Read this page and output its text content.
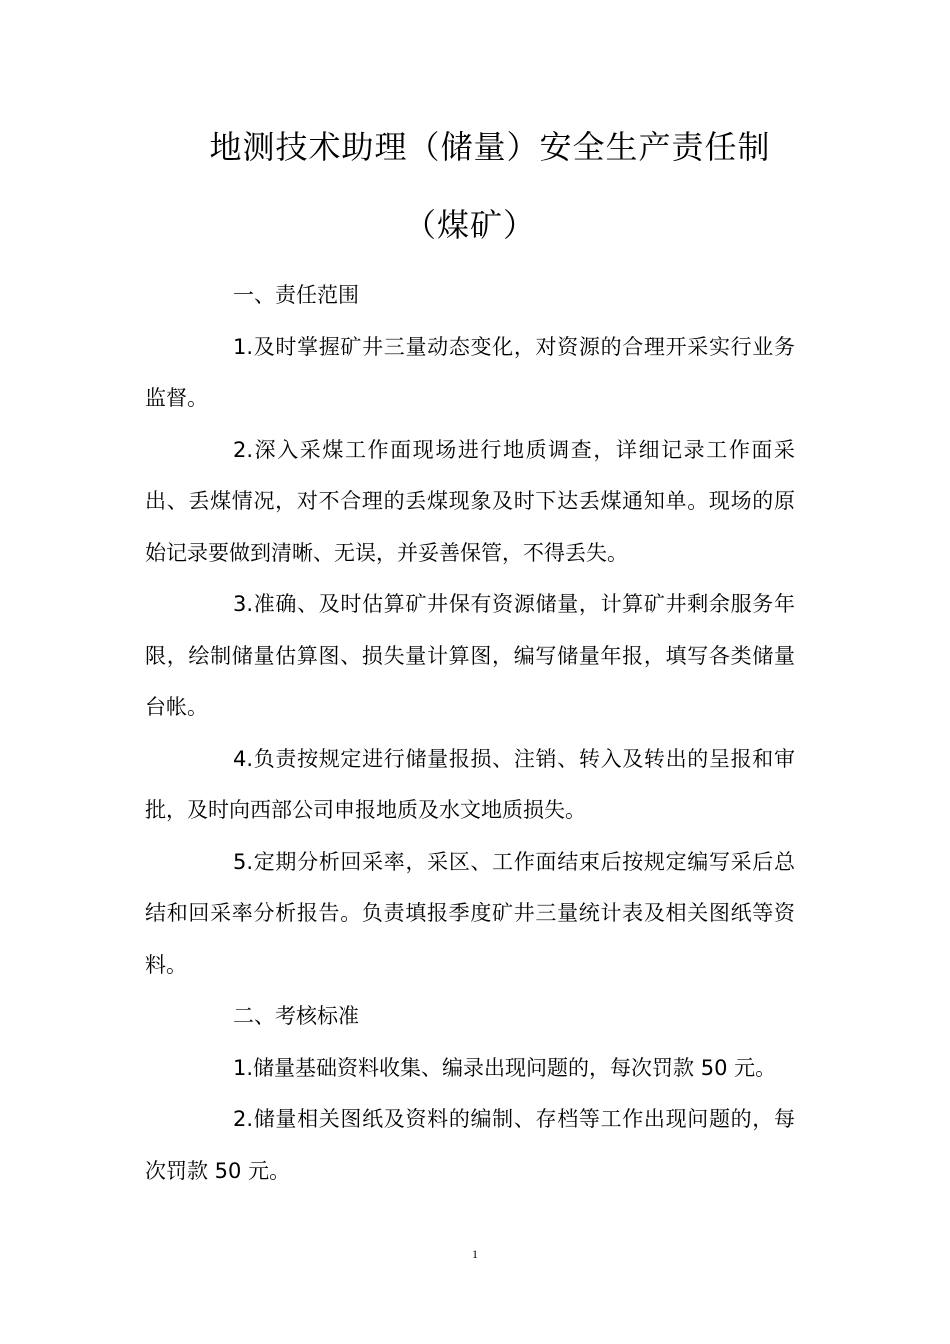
地测技术助理（储量）安全生产责任制
（煤矿）

一、责任范围

1.及时掌握矿井三量动态变化，对资源的合理开采实行业务监督。

2.深入采煤工作面现场进行地质调查，详细记录工作面采出、丢煤情况，对不合理的丢煤现象及时下达丢煤通知单。现场的原始记录要做到清晰、无误，并妥善保管，不得丢失。

3.准确、及时估算矿井保有资源储量，计算矿井剩余服务年限，绘制储量估算图、损失量计算图，编写储量年报，填写各类储量台帐。

4.负责按规定进行储量报损、注销、转入及转出的呈报和审批，及时向西部公司申报地质及水文地质损失。

5.定期分析回采率，采区、工作面结束后按规定编写采后总结和回采率分析报告。负责填报季度矿井三量统计表及相关图纸等资料。

二、考核标准

1.储量基础资料收集、编录出现问题的，每次罚款 50 元。

2.储量相关图纸及资料的编制、存档等工作出现问题的，每次罚款 50 元。

1
